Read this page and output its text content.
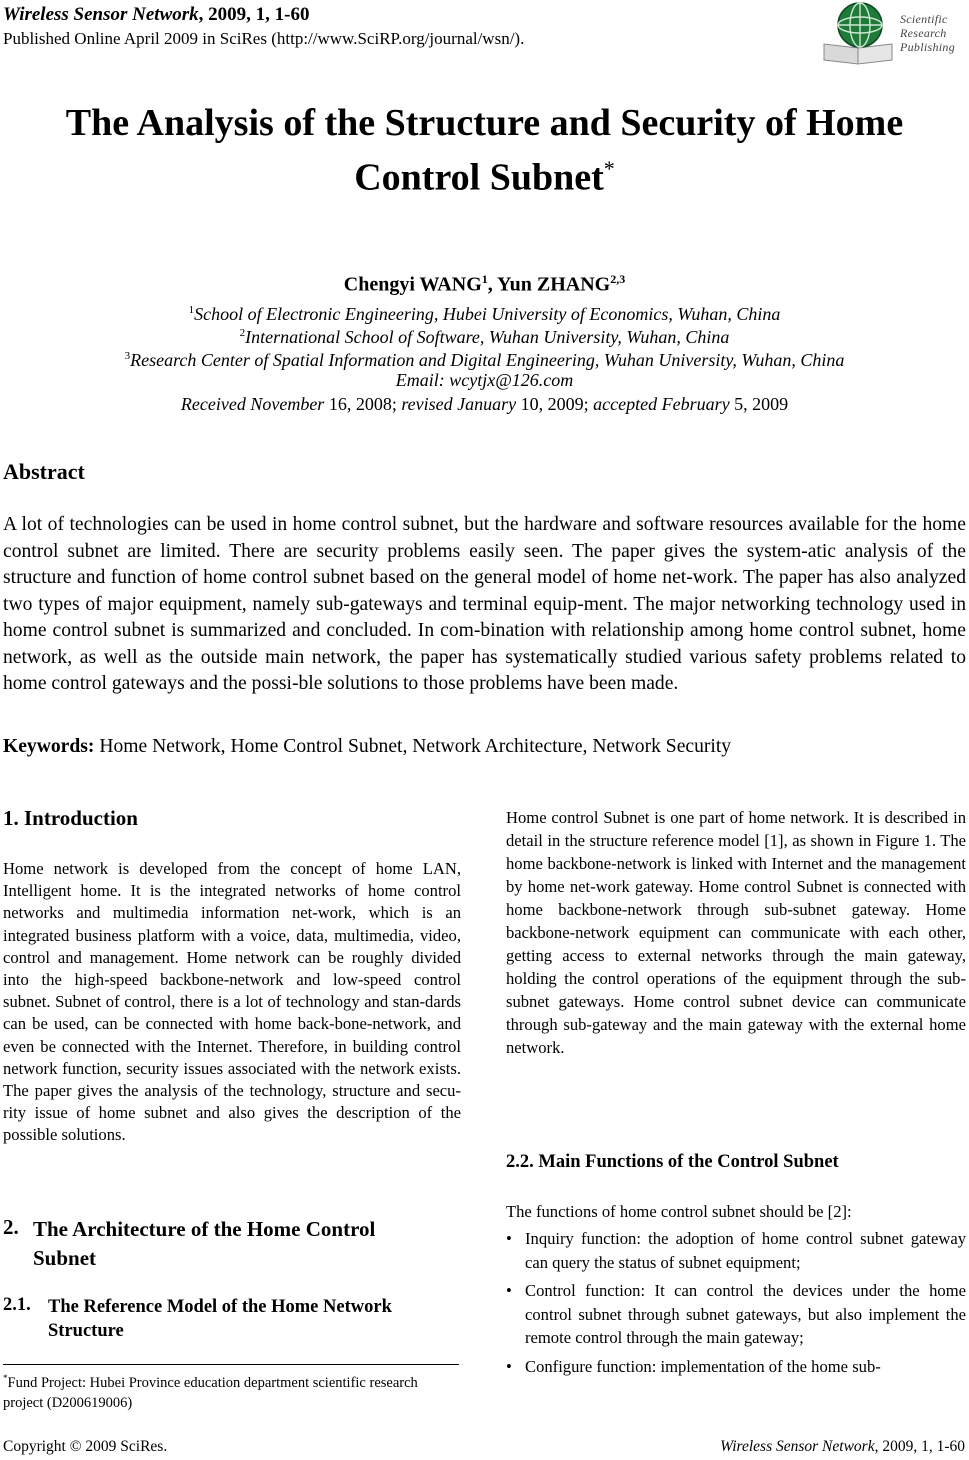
Wireless Sensor Network, 2009, 1, 1-60
Published Online April 2009 in SciRes (http://www.SciRP.org/journal/wsn/).
Scientific
Research
Publishing
The Analysis of the Structure and Security of Home
Control Subnet*
Chengyi WANG$^1$, Yun ZHANG$^{2,3}$
$^1$School of Electronic Engineering, Hubei University of Economics, Wuhan, China
$^2$International School of Software, Wuhan University, Wuhan, China
$^3$Research Center of Spatial Information and Digital Engineering, Wuhan University, Wuhan, China
Email: wcytjx@126.com
Received November 16, 2008; revised January 10, 2009; accepted February 5, 2009
Abstract
A lot of technologies can be used in home control subnet, but the hardware and software resources available for the home control subnet are limited. There are security problems easily seen. The paper gives the system-atic analysis of the structure and function of home control subnet based on the general model of home net-work. The paper has also analyzed two types of major equipment, namely sub-gateways and terminal equip-ment. The major networking technology used in home control subnet is summarized and concluded. In com-bination with relationship among home control subnet, home network, as well as the outside main network, the paper has systematically studied various safety problems related to home control gateways and the possi-ble solutions to those problems have been made.
Keywords: Home Network, Home Control Subnet, Network Architecture, Network Security
1. Introduction
Home network is developed from the concept of home LAN, Intelligent home. It is the integrated networks of home control networks and multimedia information net-work, which is an integrated business platform with a voice, data, multimedia, video, control and management. Home network can be roughly divided into the high-speed backbone-network and low-speed control subnet. Subnet of control, there is a lot of technology and stan-dards can be used, can be connected with home back-bone-network, and even be connected with the Internet. Therefore, in building control network function, security issues associated with the network exists. The paper gives the analysis of the technology, structure and secu-rity issue of home subnet and also gives the description of the possible solutions.
2. The Architecture of the Home Control
Subnet
2.1. The Reference Model of the Home Network
Structure
*Fund Project: Hubei Province education department scientific research project (D200619006)
Home control Subnet is one part of home network. It is described in detail in the structure reference model [1], as shown in Figure 1. The home backbone-network is linked with Internet and the management by home net-work gateway. Home control Subnet is connected with home backbone-network through sub-subnet gateway. Home backbone-network equipment can communicate with each other, getting access to external networks through the main gateway, holding the control operations of the equipment through the sub-subnet gateways. Home control subnet device can communicate through sub-gateway and the main gateway with the external home network.
2.2. Main Functions of the Control Subnet
The functions of home control subnet should be [2]:
• Inquiry function: the adoption of home control subnet gateway can query the status of subnet equipment;
• Control function: It can control the devices under the home control subnet through subnet gateways, but also implement the remote control through the main gateway;
• Configure function: implementation of the home sub-
Copyright © 2009 SciRes.	Wireless Sensor Network, 2009, 1, 1-60
